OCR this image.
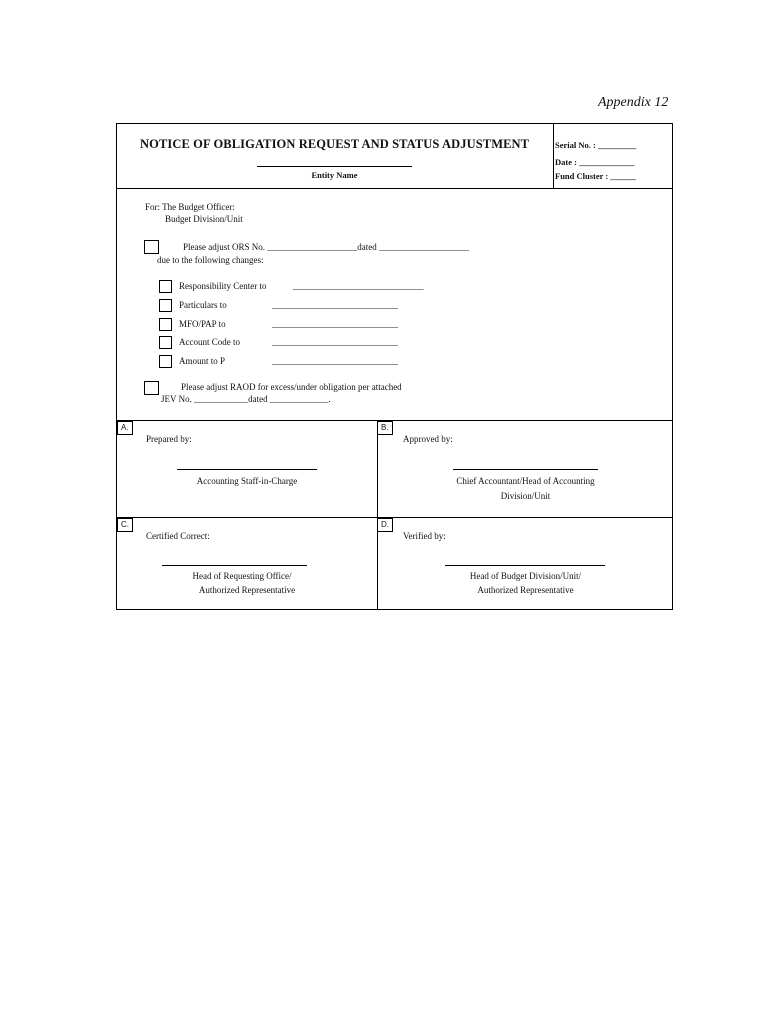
Appendix 12
NOTICE OF OBLIGATION REQUEST AND STATUS ADJUSTMENT
Entity Name
Serial No. : _________
Date : _____________
Fund Cluster : ______
For: The Budget Officer:
Budget Division/Unit
Please adjust ORS No. ____________________dated ____________________
due to the following changes:
Responsibility Center to	_____________________________
Particulars to	____________________________
MFO/PAP to	____________________________
Account Code to	____________________________
Amount to P	____________________________
Please adjust RAOD for excess/under obligation per attached
JEV No. ____________dated _____________.
A.
Prepared by:
Accounting Staff-in-Charge
B.
Approved by:
Chief Accountant/Head of Accounting
Division/Unit
C.
Certified Correct:
Head of Requesting Office/
Authorized Representative
D.
Verified by:
Head of Budget Division/Unit/
Authorized Representative
